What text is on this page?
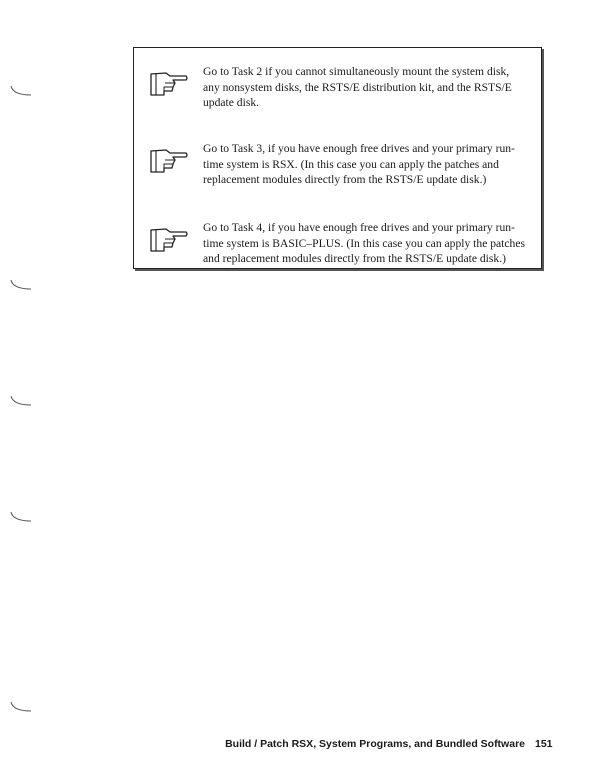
Go to Task 2 if you cannot simultaneously mount the system disk,
any nonsystem disks, the RSTS/E distribution kit, and the RSTS/E
update disk.

Go to Task 3, if you have enough free drives and your primary run-
time system is RSX. (In this case you can apply the patches and
replacement modules directly from the RSTS/E update disk.)

Go to Task 4, if you have enough free drives and your primary run-
time system is BASIC–PLUS. (In this case you can apply the patches
and replacement modules directly from the RSTS/E update disk.)

Build / Patch RSX, System Programs, and Bundled Software 151
